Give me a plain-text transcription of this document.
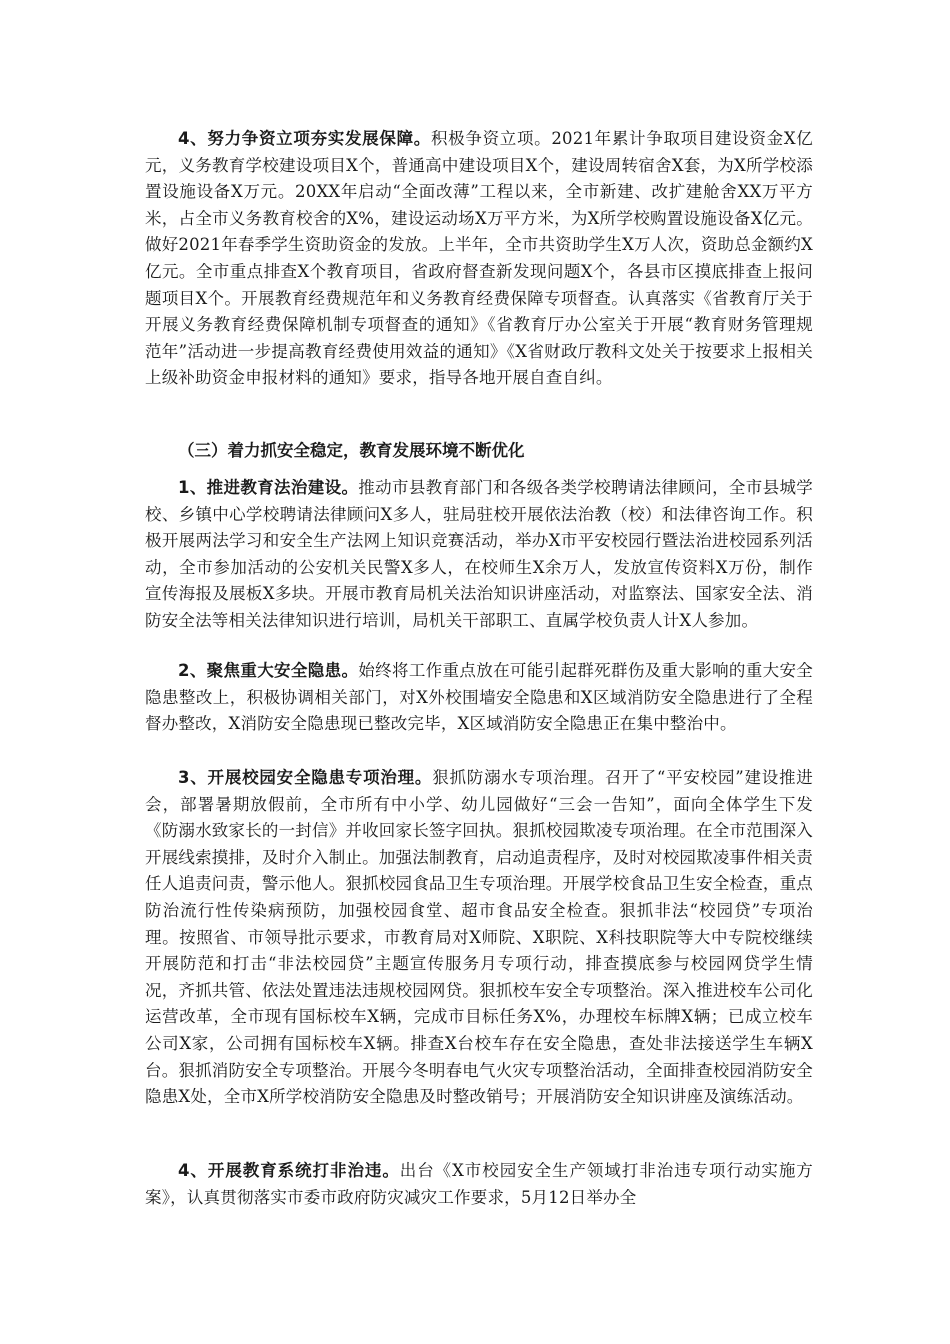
4、努力争资立项夯实发展保障。积极争资立项。2021年累计争取项目建设资金X亿元，义务教育学校建设项目X个，普通高中建设项目X个，建设周转宿舍X套，为X所学校添置设施设备X万元。20XX年启动“全面改薄”工程以来，全市新建、改扩建舱舍XX万平方米，占全市义务教育校舍的X%，建设运动场X万平方米，为X所学校购置设施设备X亿元。做好2021年春季学生资助资金的发放。上半年，全市共资助学生X万人次，资助总金额约X亿元。全市重点排查X个教育项目，省政府督查新发现问题X个，各县市区摸底排查上报问题项目X个。开展教育经费规范年和义务教育经费保障专项督查。认真落实《省教育厅关于开展义务教育经费保障机制专项督查的通知》《省教育厅办公室关于开展“教育财务管理规范年”活动进一步提高教育经费使用效益的通知》《X省财政厅教科文处关于按要求上报相关上级补助资金申报材料的通知》要求，指导各地开展自查自纠。

（三）着力抓安全稳定，教育发展环境不断优化

1、推进教育法治建设。推动市县教育部门和各级各类学校聘请法律顾问，全市县城学校、乡镇中心学校聘请法律顾问X多人，驻局驻校开展依法治教（校）和法律咨询工作。积极开展两法学习和安全生产法网上知识竞赛活动，举办X市平安校园行暨法治进校园系列活动，全市参加活动的公安机关民警X多人，在校师生X余万人，发放宣传资料X万份，制作宣传海报及展板X多块。开展市教育局机关法治知识讲座活动，对监察法、国家安全法、消防安全法等相关法律知识进行培训，局机关干部职工、直属学校负责人计X人参加。

2、聚焦重大安全隐患。始终将工作重点放在可能引起群死群伤及重大影响的重大安全隐患整改上，积极协调相关部门，对X外校围墙安全隐患和X区域消防安全隐患进行了全程督办整改，X消防安全隐患现已整改完毕，X区域消防安全隐患正在集中整治中。

3、开展校园安全隐患专项治理。狠抓防溺水专项治理。召开了“平安校园”建设推进会，部署暑期放假前，全市所有中小学、幼儿园做好“三会一告知”，面向全体学生下发《防溺水致家长的一封信》并收回家长签字回执。狠抓校园欺凌专项治理。在全市范围深入开展线索摸排，及时介入制止。加强法制教育，启动追责程序，及时对校园欺凌事件相关责任人追责问责，警示他人。狠抓校园食品卫生专项治理。开展学校食品卫生安全检查，重点防治流行性传染病预防，加强校园食堂、超市食品安全检查。狠抓非法“校园贷”专项治理。按照省、市领导批示要求，市教育局对X师院、X职院、X科技职院等大中专院校继续开展防范和打击“非法校园贷”主题宣传服务月专项行动，排查摸底参与校园网贷学生情况，齐抓共管、依法处置违法违规校园网贷。狠抓校车安全专项整治。深入推进校车公司化运营改革，全市现有国标校车X辆，完成市目标任务X%，办理校车标牌X辆；已成立校车公司X家，公司拥有国标校车X辆。排查X台校车存在安全隐患，查处非法接送学生车辆X台。狠抓消防安全专项整治。开展今冬明春电气火灾专项整治活动，全面排查校园消防安全隐患X处，全市X所学校消防安全隐患及时整改销号；开展消防安全知识讲座及演练活动。

4、开展教育系统打非治违。出台《X市校园安全生产领域打非治违专项行动实施方案》，认真贯彻落实市委市政府防灾减灾工作要求，5月12日举办全
